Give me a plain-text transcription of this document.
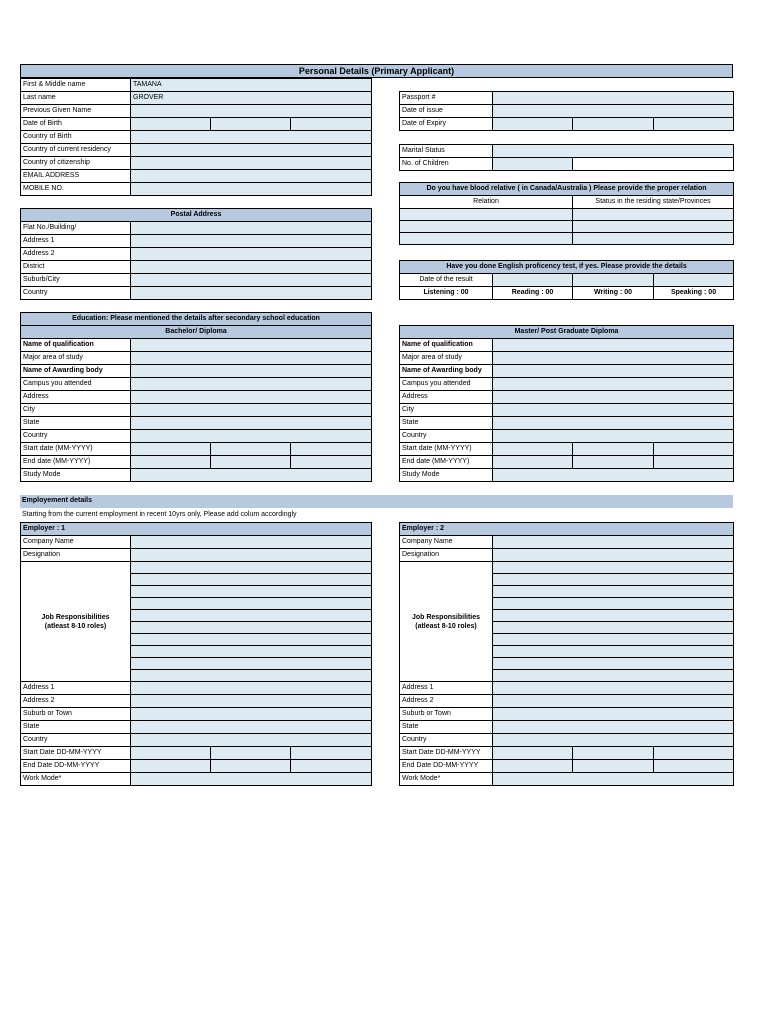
Personal Details (Primary Applicant)
First & Middle name	TAMANA		
Last name	GROVER		
Previous Given Name			
Date of Birth			
Country of Birth			
Country of current residency			
Country of citizenship			
EMAIL ADDRESS			
MOBILE NO.			
Passport #			
Date of issue			
Date of Expiry			
Marital Status		
No. of Children		
Do you have blood relative ( in Canada/Australia ) Please provide the proper relation	
Relation	Status in the residing state/Provinces

Postal Address	
Flat No./Building/	
Address 1	
Address 2	
District	
Suburb/City	
Country	
Have you done English proficency test, if yes. Please provide the details			
Date of the result			
Listening : 00	Reading : 00	Writing : 00	Speaking : 00
Education: Please mentioned the details after secondary school education			
Bachelor/ Diploma			
Name of qualification			
Major area of study			
Name of Awarding body			
Campus you attended			
Address			
City			
State			
Country			
Start date (MM-YYYY)			
End date (MM-YYYY)			
Study Mode			
Master/ Post Graduate Diploma			
Name of qualification			
Major area of study			
Name of Awarding body			
Campus you attended			
Address			
City			
State			
Country			
Start date (MM-YYYY)			
End date (MM-YYYY)			
Study Mode			
Employement details
Starting from the current employment in recent 10yrs only, Please add colum accordingly
Employer : 1			
Company Name			
Designation			

Job Responsibilities
(atleast 8-10 roles)			

Address 1			
Address 2			
Suburb or Town			
State			
Country			
Start Date DD-MM-YYYY			
End Date DD-MM-YYYY			
Work Mode*			
Employer : 2			
Company Name			
Designation			

Job Responsibilities
(atleast 8-10 roles)			

Address 1			
Address 2			
Suburb or Town			
State			
Country			
Start Date DD-MM-YYYY			
End Date DD-MM-YYYY			
Work Mode*			
